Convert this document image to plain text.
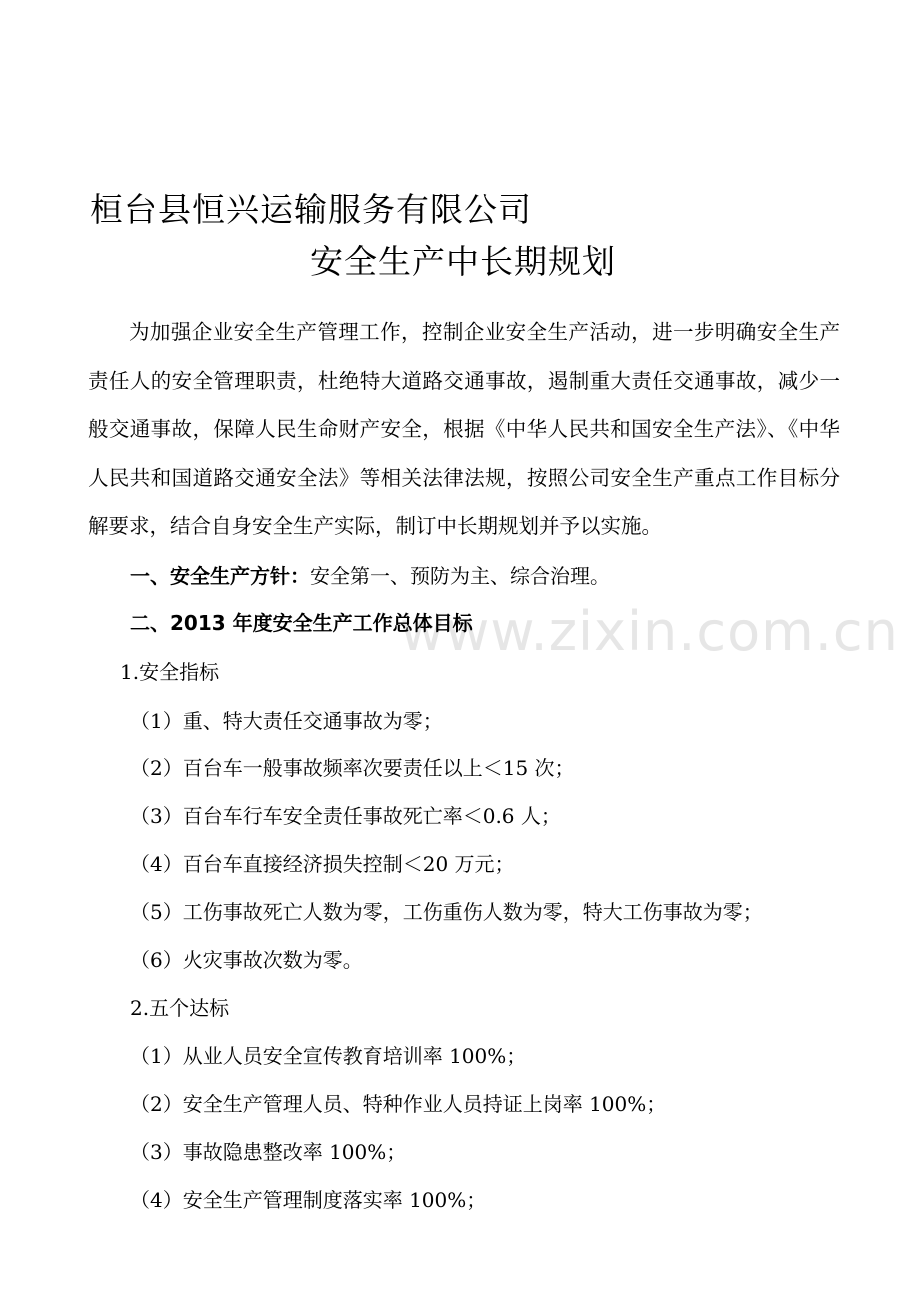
www.zixin.com.cn
桓台县恒兴运输服务有限公司
安全生产中长期规划
为加强企业安全生产管理工作，控制企业安全生产活动，进一步明确安全生产责任人的安全管理职责，杜绝特大道路交通事故，遏制重大责任交通事故，减少一般交通事故，保障人民生命财产安全，根据《中华人民共和国安全生产法》、《中华人民共和国道路交通安全法》等相关法律法规，按照公司安全生产重点工作目标分解要求，结合自身安全生产实际，制订中长期规划并予以实施。
一、安全生产方针：安全第一、预防为主、综合治理。
二、2013 年度安全生产工作总体目标
1.安全指标
（1）重、特大责任交通事故为零；
（2）百台车一般事故频率次要责任以上＜15 次；
（3）百台车行车安全责任事故死亡率＜0.6 人；
（4）百台车直接经济损失控制＜20 万元；
（5）工伤事故死亡人数为零，工伤重伤人数为零，特大工伤事故为零；
（6）火灾事故次数为零。
2.五个达标
（1）从业人员安全宣传教育培训率 100%；
（2）安全生产管理人员、特种作业人员持证上岗率 100%；
（3）事故隐患整改率 100%；
（4）安全生产管理制度落实率 100%；
